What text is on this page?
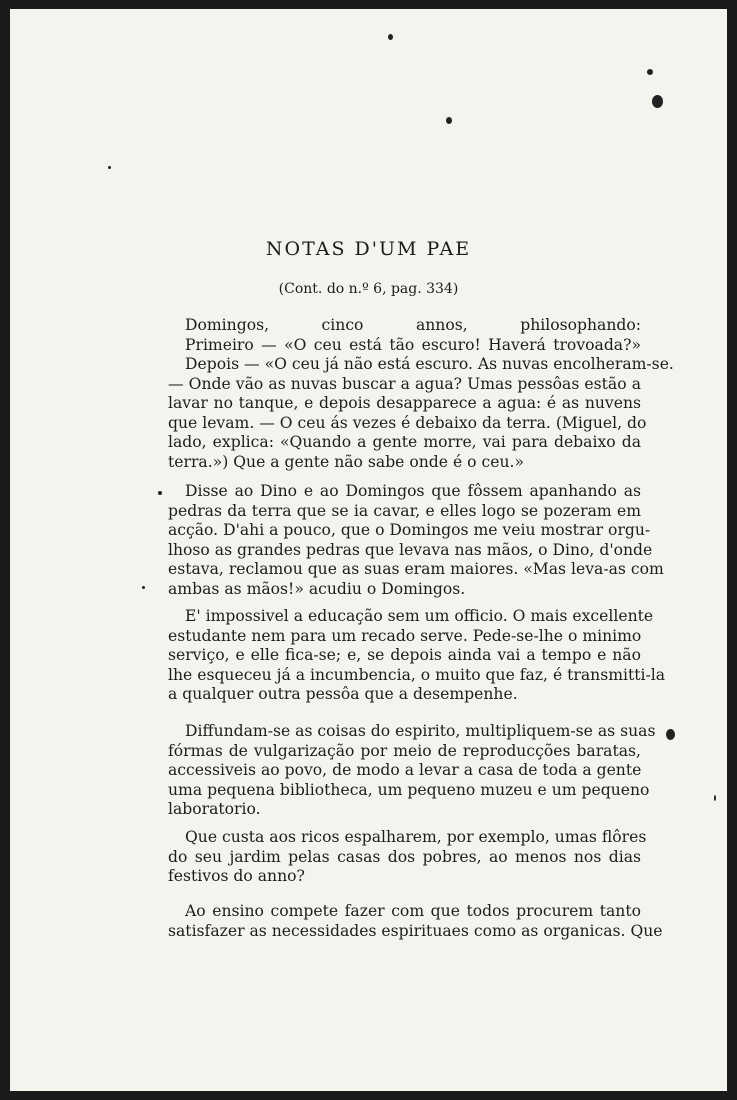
NOTAS D'UM PAE
(Cont. do n.º 6, pag. 334)
Domingos, cinco annos, philosophando:
Primeiro — «O ceu está tão escuro! Haverá trovoada?»
Depois — «O ceu já não está escuro. As nuvas encolheram-se.
— Onde vão as nuvas buscar a agua? Umas pessôas estão a
lavar no tanque, e depois desapparece a agua: é as nuvens
que levam. — O ceu ás vezes é debaixo da terra. (Miguel, do
lado, explica: «Quando a gente morre, vai para debaixo da
terra.») Que a gente não sabe onde é o ceu.»
Disse ao Dino e ao Domingos que fôssem apanhando as
pedras da terra que se ia cavar, e elles logo se pozeram em
acção. D'ahi a pouco, que o Domingos me veiu mostrar orgu-
lhoso as grandes pedras que levava nas mãos, o Dino, d'onde
estava, reclamou que as suas eram maiores. «Mas leva-as com
ambas as mãos!» acudiu o Domingos.
E' impossivel a educação sem um officio. O mais excellente
estudante nem para um recado serve. Pede-se-lhe o minimo
serviço, e elle fica-se; e, se depois ainda vai a tempo e não
lhe esqueceu já a incumbencia, o muito que faz, é transmitti-la
a qualquer outra pessôa que a desempenhe.
Diffundam-se as coisas do espirito, multipliquem-se as suas
fórmas de vulgarização por meio de reproducções baratas,
accessiveis ao povo, de modo a levar a casa de toda a gente
uma pequena bibliotheca, um pequeno muzeu e um pequeno
laboratorio.
Que custa aos ricos espalharem, por exemplo, umas flôres
do seu jardim pelas casas dos pobres, ao menos nos dias
festivos do anno?
Ao ensino compete fazer com que todos procurem tanto
satisfazer as necessidades espirituaes como as organicas. Que
